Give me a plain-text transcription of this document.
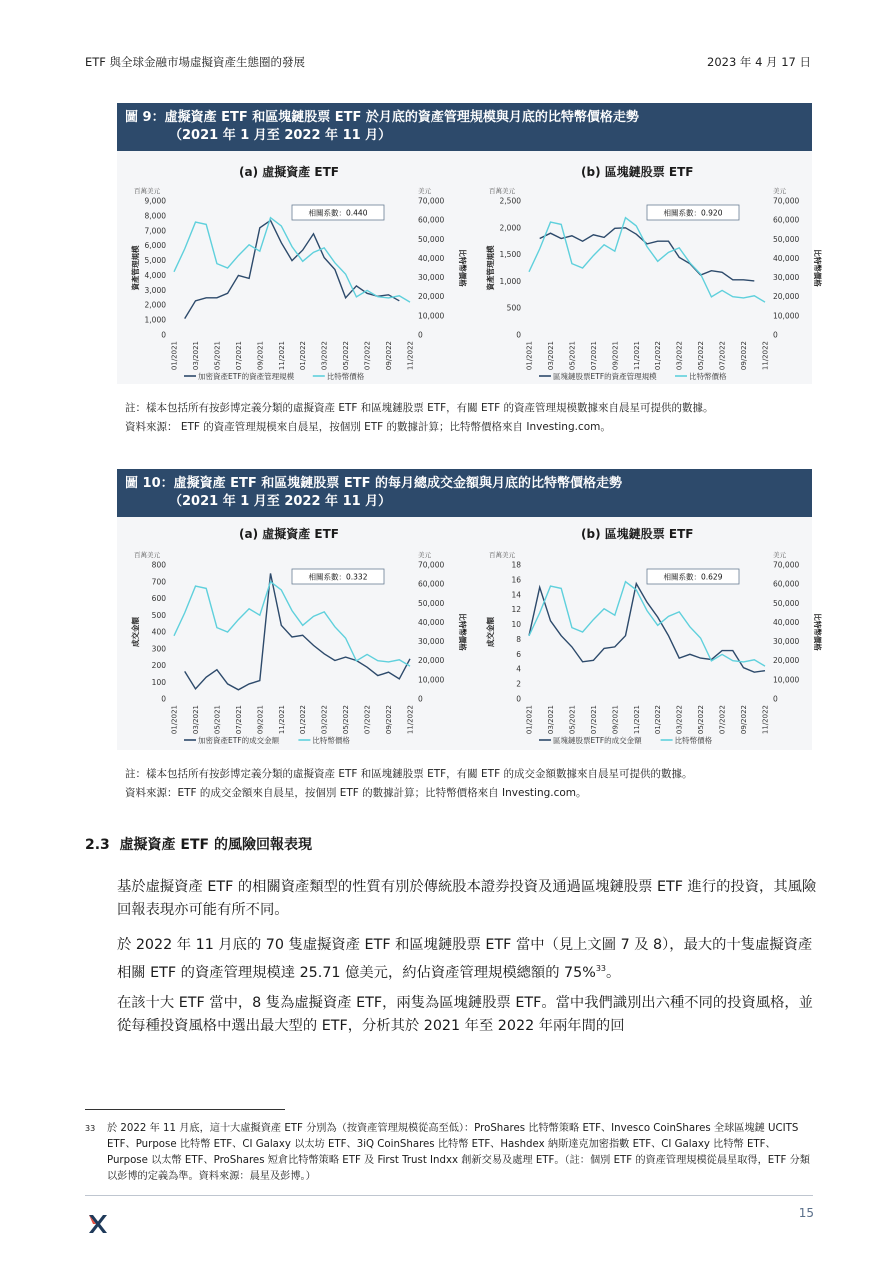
ETF 與全球金融市場虛擬資產生態圈的發展	2023 年 4 月 17 日
圖 9：虛擬資產 ETF 和區塊鏈股票 ETF 於月底的資產管理規模與月底的比特幣價格走勢
（2021 年 1 月至 2022 年 11 月）
(a) 虛擬資產 ETF	(b) 區塊鏈股票 ETF
百萬美元	美元
0
1,000
2,000
3,000
4,000
5,000
6,000
7,000
8,000
9,000
0
10,000
20,000
30,000
40,000
50,000
60,000
70,000
資產管理規模	比特幣價格
01/2021 03/2021 05/2021 07/2021 09/2021 11/2021 01/2022 03/2022 05/2022 07/2022 09/2022 11/2022
相關系數：0.440
加密資產ETF的資產管理規模	比特幣價格
百萬美元	美元
0
500
1,000
1,500
2,000
2,500
0
10,000
20,000
30,000
40,000
50,000
60,000
70,000
資產管理規模	比特幣價格
01/2021 03/2021 05/2021 07/2021 09/2021 11/2021 01/2022 03/2022 05/2022 07/2022 09/2022 11/2022
相關系數：0.920
區塊鏈股票ETF的資產管理規模	比特幣價格
註：樣本包括所有按彭博定義分類的虛擬資產 ETF 和區塊鏈股票 ETF，有關 ETF 的資產管理規模數據來自晨星可提供的數據。
資料來源： ETF 的資產管理規模來自晨星，按個別 ETF 的數據計算；比特幣價格來自 Investing.com。
圖 10：虛擬資產 ETF 和區塊鏈股票 ETF 的每月總成交金額與月底的比特幣價格走勢
（2021 年 1 月至 2022 年 11 月）
(a) 虛擬資產 ETF	(b) 區塊鏈股票 ETF
百萬美元	美元
0
100
200
300
400
500
600
700
800
0
10,000
20,000
30,000
40,000
50,000
60,000
70,000
成交金額	比特幣價格
01/2021 03/2021 05/2021 07/2021 09/2021 11/2021 01/2022 03/2022 05/2022 07/2022 09/2022 11/2022
相關系數：0.332
加密資產ETF的成交金額	比特幣價格
百萬美元	美元
0
2
4
6
8
10
12
14
16
18
0
10,000
20,000
30,000
40,000
50,000
60,000
70,000
成交金額	比特幣價格
01/2021 03/2021 05/2021 07/2021 09/2021 11/2021 01/2022 03/2022 05/2022 07/2022 09/2022 11/2022
相關系數：0.629
區塊鏈股票ETF的成交金額	比特幣價格
註：樣本包括所有按彭博定義分類的虛擬資產 ETF 和區塊鏈股票 ETF，有關 ETF 的成交金額數據來自晨星可提供的數據。
資料來源：ETF 的成交金額來自晨星，按個別 ETF 的數據計算；比特幣價格來自 Investing.com。
2.3 虛擬資產 ETF 的風險回報表現
基於虛擬資產 ETF 的相關資產類型的性質有別於傳統股本證券投資及通過區塊鏈股票 ETF 進行的投資，其風險回報表現亦可能有所不同。
於 2022 年 11 月底的 70 隻虛擬資產 ETF 和區塊鏈股票 ETF 當中（見上文圖 7 及 8），最大的十隻虛擬資產相關 ETF 的資產管理規模達 25.71 億美元，約佔資產管理規模總額的 75%$^{33}$。
在該十大 ETF 當中，8 隻為虛擬資產 ETF，兩隻為區塊鏈股票 ETF。當中我們識別出六種不同的投資風格，並從每種投資風格中選出最大型的 ETF，分析其於 2021 年至 2022 年兩年間的回
33 於 2022 年 11 月底，這十大虛擬資產 ETF 分別為（按資產管理規模從高至低）：ProShares 比特幣策略 ETF、Invesco CoinShares 全球區塊鏈 UCITS ETF、Purpose 比特幣 ETF、CI Galaxy 以太坊 ETF、3iQ CoinShares 比特幣 ETF、Hashdex 納斯達克加密指數 ETF、CI Galaxy 比特幣 ETF、Purpose 以太幣 ETF、ProShares 短倉比特幣策略 ETF 及 First Trust Indxx 創新交易及處理 ETF。（註：個別 ETF 的資產管理規模從晨星取得，ETF 分類以彭博的定義為準。資料來源：晨星及彭博。）
15
